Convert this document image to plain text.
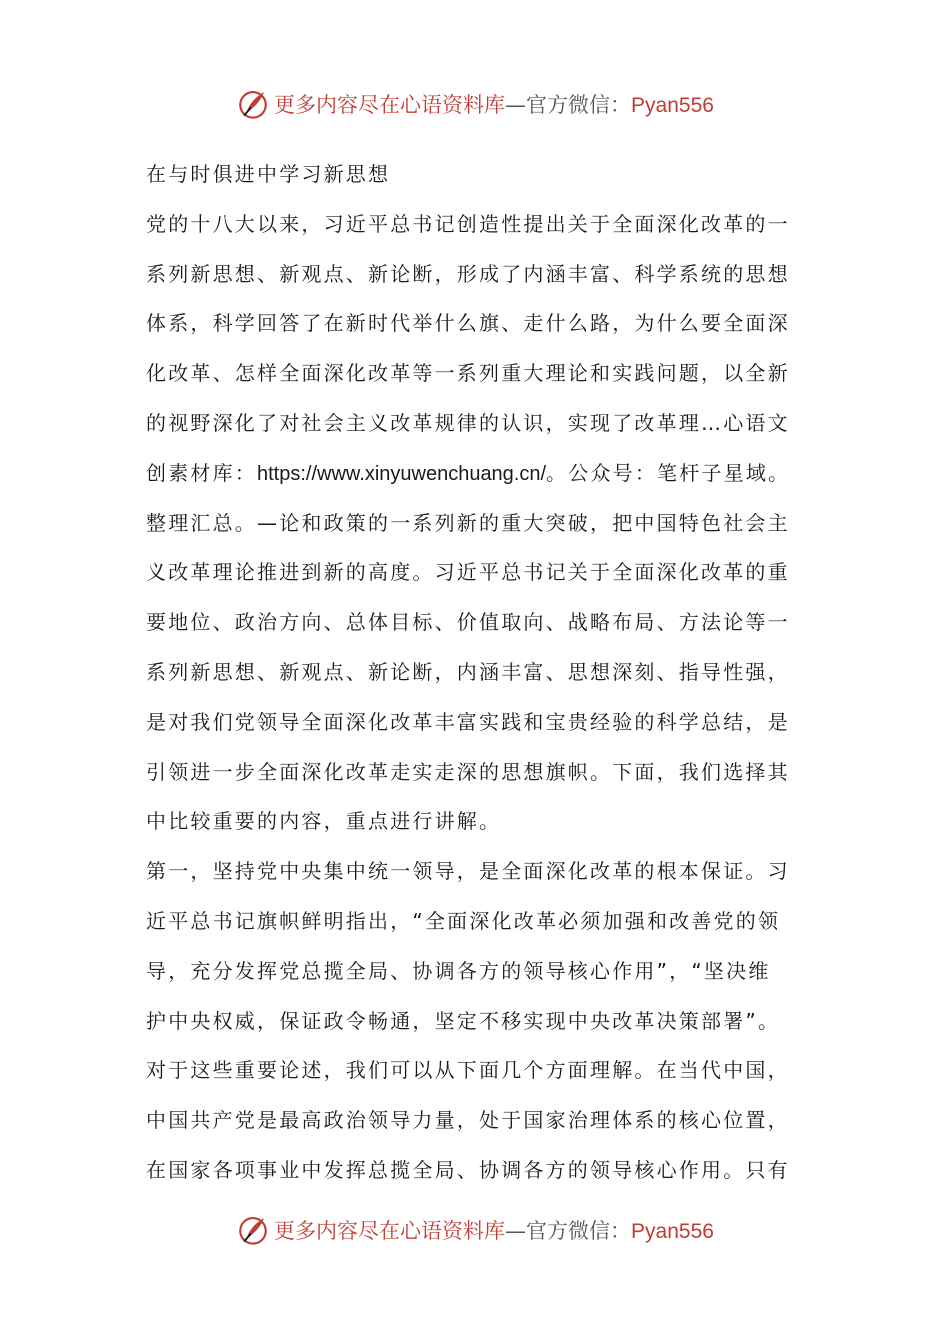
更多内容尽在心语资料库—官方微信：Pyan556
在与时俱进中学习新思想
党的十八大以来，习近平总书记创造性提出关于全面深化改革的一
系列新思想、新观点、新论断，形成了内涵丰富、科学系统的思想
体系，科学回答了在新时代举什么旗、走什么路，为什么要全面深
化改革、怎样全面深化改革等一系列重大理论和实践问题，以全新
的视野深化了对社会主义改革规律的认识，实现了改革理…心语文
创素材库：https://www.xinyuwenchuang.cn/。公众号：笔杆子星域。
整理汇总。—论和政策的一系列新的重大突破，把中国特色社会主
义改革理论推进到新的高度。习近平总书记关于全面深化改革的重
要地位、政治方向、总体目标、价值取向、战略布局、方法论等一
系列新思想、新观点、新论断，内涵丰富、思想深刻、指导性强，
是对我们党领导全面深化改革丰富实践和宝贵经验的科学总结，是
引领进一步全面深化改革走实走深的思想旗帜。下面，我们选择其
中比较重要的内容，重点进行讲解。
第一，坚持党中央集中统一领导，是全面深化改革的根本保证。习
近平总书记旗帜鲜明指出，“全面深化改革必须加强和改善党的领
导，充分发挥党总揽全局、协调各方的领导核心作用”，“坚决维
护中央权威，保证政令畅通，坚定不移实现中央改革决策部署”。
对于这些重要论述，我们可以从下面几个方面理解。在当代中国，
中国共产党是最高政治领导力量，处于国家治理体系的核心位置，
在国家各项事业中发挥总揽全局、协调各方的领导核心作用。只有
更多内容尽在心语资料库—官方微信：Pyan556
